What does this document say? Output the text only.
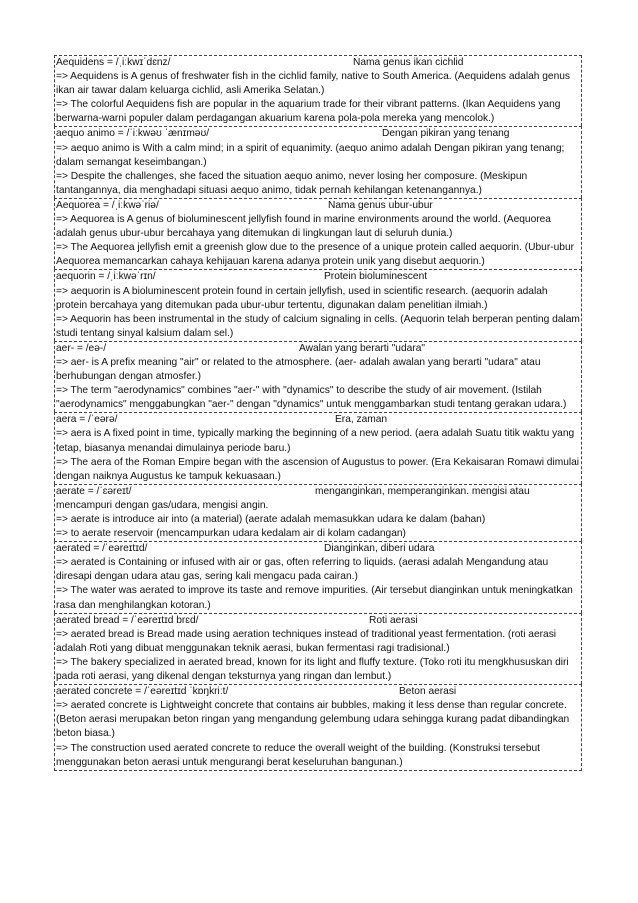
Aequidens = /ˌiːkwɪˈdɛnz/	Nama genus ikan cichlid
=> Aequidens is A genus of freshwater fish in the cichlid family, native to South America. (Aequidens adalah genus ikan air tawar dalam keluarga cichlid, asli Amerika Selatan.)
=> The colorful Aequidens fish are popular in the aquarium trade for their vibrant patterns. (Ikan Aequidens yang berwarna-warni populer dalam perdagangan akuarium karena pola-pola mereka yang mencolok.)
aequo animo = /ˈiːkwəʊ ˈænɪməʊ/	Dengan pikiran yang tenang
=> aequo animo is With a calm mind; in a spirit of equanimity. (aequo animo adalah Dengan pikiran yang tenang; dalam semangat keseimbangan.)
=> Despite the challenges, she faced the situation aequo animo, never losing her composure. (Meskipun tantangannya, dia menghadapi situasi aequo animo, tidak pernah kehilangan ketenangannya.)
Aequorea = /ˌiːkwəˈriə/	Nama genus ubur-ubur
=> Aequorea is A genus of bioluminescent jellyfish found in marine environments around the world. (Aequorea adalah genus ubur-ubur bercahaya yang ditemukan di lingkungan laut di seluruh dunia.)
=> The Aequorea jellyfish emit a greenish glow due to the presence of a unique protein called aequorin. (Ubur-ubur Aequorea memancarkan cahaya kehijauan karena adanya protein unik yang disebut aequorin.)
aequorin = /ˌiːkwəˈrɪn/	Protein bioluminescent
=> aequorin is A bioluminescent protein found in certain jellyfish, used in scientific research. (aequorin adalah protein bercahaya yang ditemukan pada ubur-ubur tertentu, digunakan dalam penelitian ilmiah.)
=> Aequorin has been instrumental in the study of calcium signaling in cells. (Aequorin telah berperan penting dalam studi tentang sinyal kalsium dalam sel.)
aer- = /eə-/	Awalan yang berarti "udara"
=> aer- is A prefix meaning "air" or related to the atmosphere. (aer- adalah awalan yang berarti "udara" atau berhubungan dengan atmosfer.)
=> The term "aerodynamics" combines "aer-" with "dynamics" to describe the study of air movement. (Istilah "aerodynamics" menggabungkan "aer-" dengan "dynamics" untuk menggambarkan studi tentang gerakan udara.)
aera = /ˈeərə/	Era, zaman
=> aera is A fixed point in time, typically marking the beginning of a new period. (aera adalah Suatu titik waktu yang tetap, biasanya menandai dimulainya periode baru.)
=> The aera of the Roman Empire began with the ascension of Augustus to power. (Era Kekaisaran Romawi dimulai dengan naiknya Augustus ke tampuk kekuasaan.)
aerate = /ˈɛəreɪt/	menganginkan, memperanginkan. mengisi atau mencampuri dengan gas/udara, mengisi angin.
=> aerate is introduce air into (a material) (aerate adalah memasukkan udara ke dalam (bahan)
=> to aerate reservoir (mencampurkan udara kedalam air di kolam cadangan)
aerated = /ˈeəreɪtɪd/	Dianginkan, diberi udara
=> aerated is Containing or infused with air or gas, often referring to liquids. (aerasi adalah Mengandung atau diresapi dengan udara atau gas, sering kali mengacu pada cairan.)
=> The water was aerated to improve its taste and remove impurities. (Air tersebut dianginkan untuk meningkatkan rasa dan menghilangkan kotoran.)
aerated bread = /ˈeəreɪtɪd brɛd/	Roti aerasi
=> aerated bread is Bread made using aeration techniques instead of traditional yeast fermentation. (roti aerasi adalah Roti yang dibuat menggunakan teknik aerasi, bukan fermentasi ragi tradisional.)
=> The bakery specialized in aerated bread, known for its light and fluffy texture. (Toko roti itu mengkhususkan diri pada roti aerasi, yang dikenal dengan teksturnya yang ringan dan lembut.)
aerated concrete = /ˈeəreɪtɪd ˈkɒŋkriːt/	Beton aerasi
=> aerated concrete is Lightweight concrete that contains air bubbles, making it less dense than regular concrete. (Beton aerasi merupakan beton ringan yang mengandung gelembung udara sehingga kurang padat dibandingkan beton biasa.)
=> The construction used aerated concrete to reduce the overall weight of the building. (Konstruksi tersebut menggunakan beton aerasi untuk mengurangi berat keseluruhan bangunan.)
